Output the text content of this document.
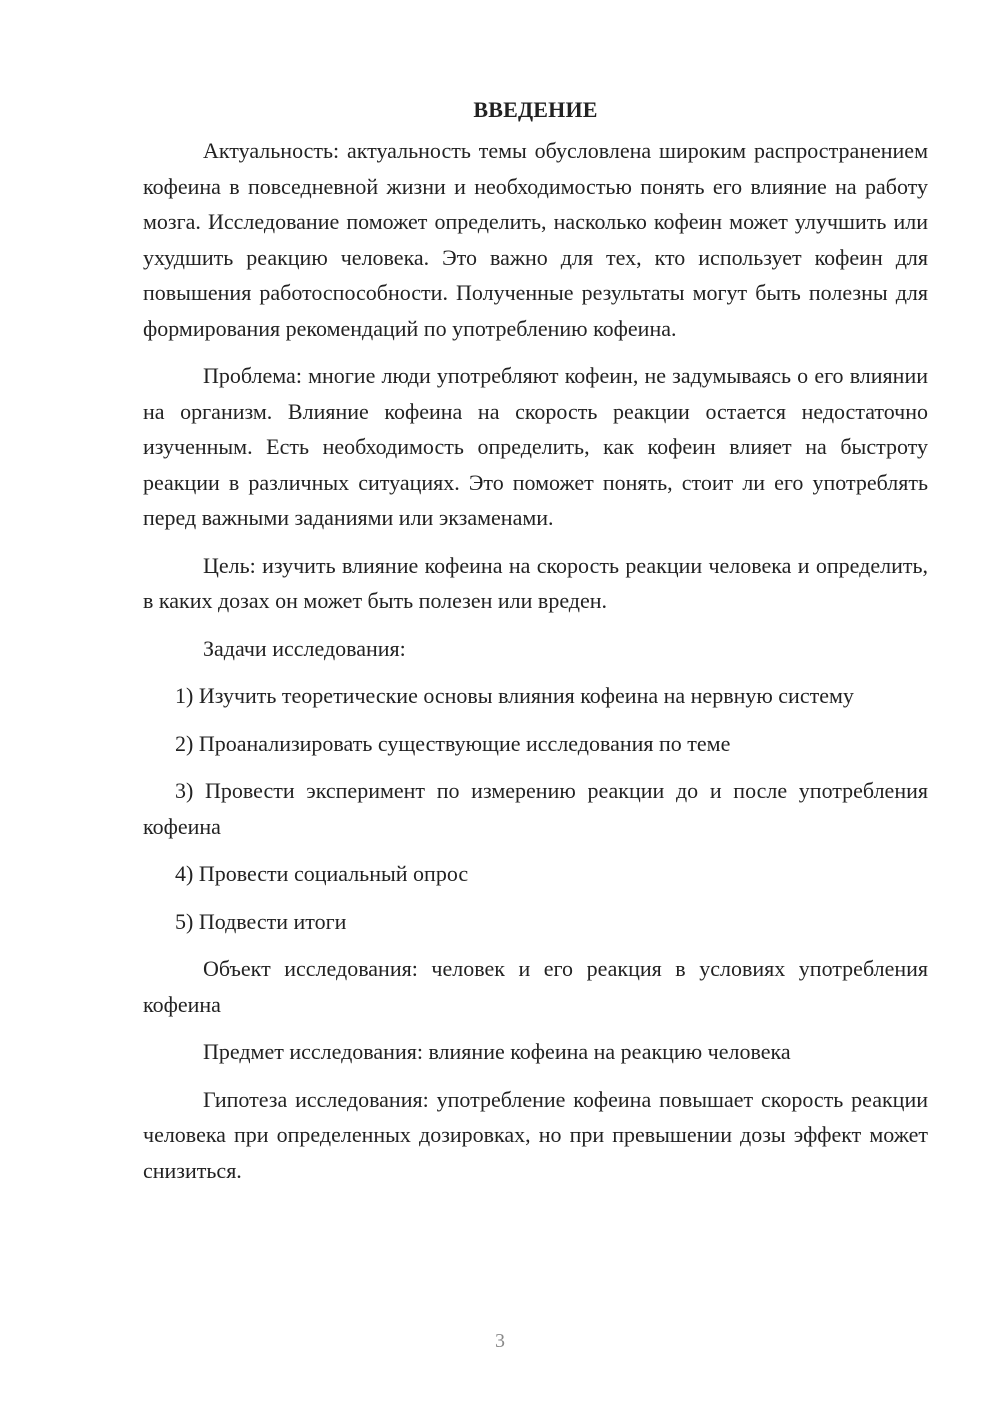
ВВЕДЕНИЕ

Актуальность: актуальность темы обусловлена широким распространением кофеина в повседневной жизни и необходимостью понять его влияние на работу мозга. Исследование поможет определить, насколько кофеин может улучшить или ухудшить реакцию человека. Это важно для тех, кто использует кофеин для повышения работоспособности. Полученные результаты могут быть полезны для формирования рекомендаций по употреблению кофеина.

Проблема: многие люди употребляют кофеин, не задумываясь о его влиянии на организм. Влияние кофеина на скорость реакции остается недостаточно изученным. Есть необходимость определить, как кофеин влияет на быстроту реакции в различных ситуациях. Это поможет понять, стоит ли его употреблять перед важными заданиями или экзаменами.

Цель: изучить влияние кофеина на скорость реакции человека и определить, в каких дозах он может быть полезен или вреден.

Задачи исследования:

1) Изучить теоретические основы влияния кофеина на нервную систему

2) Проанализировать существующие исследования по теме

3) Провести эксперимент по измерению реакции до и после употребления кофеина

4) Провести социальный опрос

5) Подвести итоги

Объект исследования: человек и его реакция в условиях употребления кофеина

Предмет исследования: влияние кофеина на реакцию человека

Гипотеза исследования: употребление кофеина повышает скорость реакции человека при определенных дозировках, но при превышении дозы эффект может снизиться.

3
